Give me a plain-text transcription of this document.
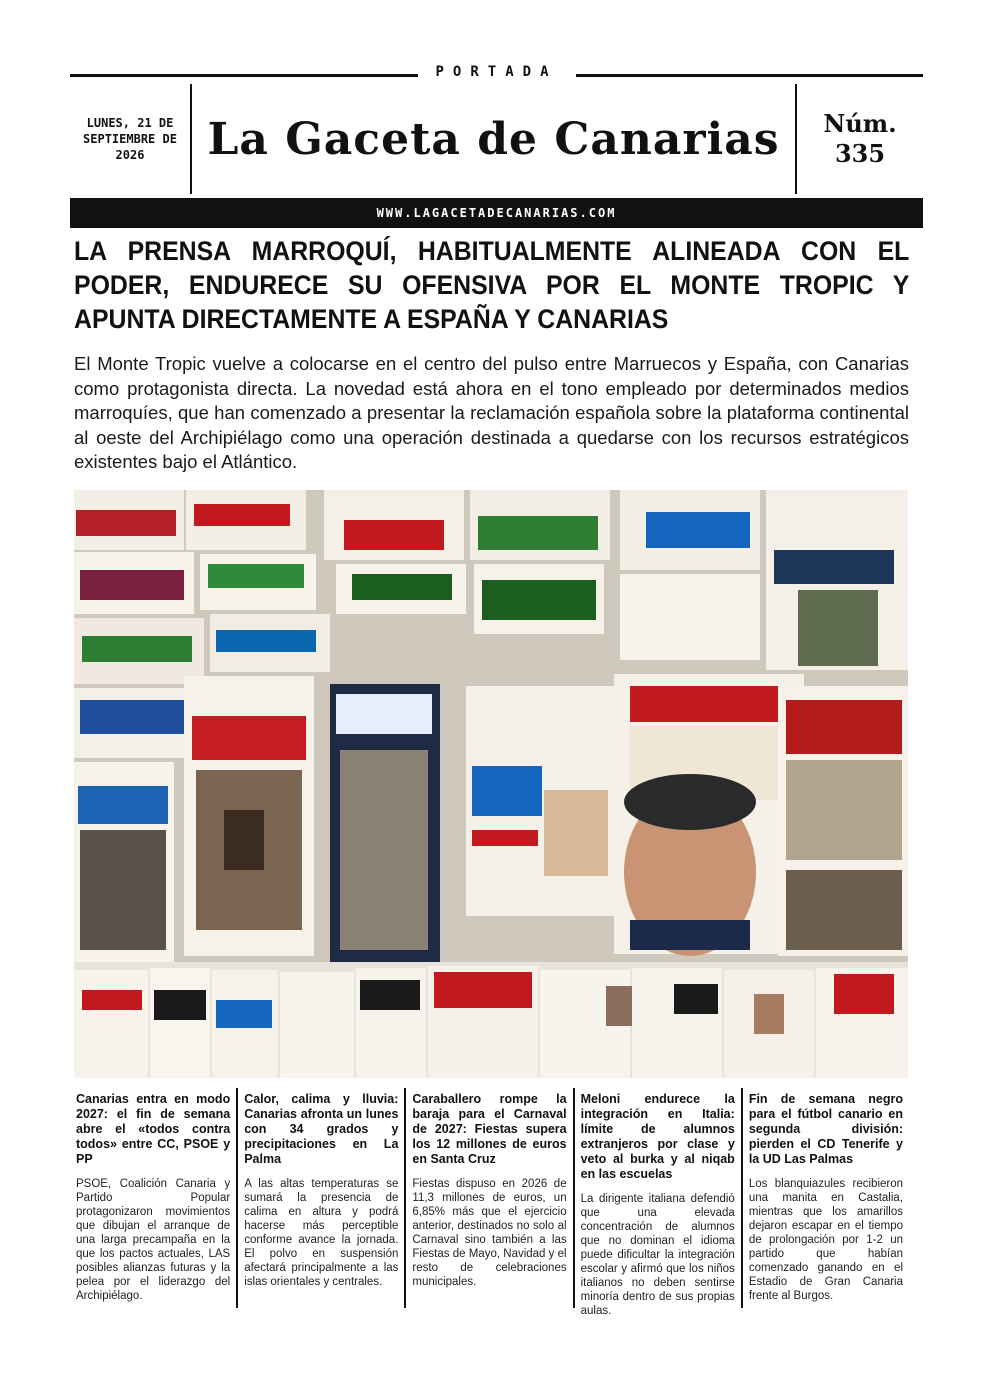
PORTADA
LUNES, 21 DE SEPTIEMBRE DE 2026	La Gaceta de Canarias Núm.
335
WWW.LAGACETADECANARIAS.COM
LA PRENSA MARROQUÍ, HABITUALMENTE ALINEADA CON EL PODER, ENDURECE SU OFENSIVA POR EL MONTE TROPIC Y APUNTA DIRECTAMENTE A ESPAÑA Y CANARIAS

El Monte Tropic vuelve a colocarse en el centro del pulso entre Marruecos y España, con Canarias como protagonista directa. La novedad está ahora en el tono empleado por determinados medios marroquíes, que han comenzado a presentar la reclamación española sobre la plataforma continental al oeste del Archipiélago como una operación destinada a quedarse con los recursos estratégicos existentes bajo el Atlántico.

Canarias entra en modo 2027: el fin de semana abre el «todos contra todos» entre CC, PSOE y PP

PSOE, Coalición Canaria y Partido Popular protagonizaron movimientos que dibujan el arranque de una larga precampaña en la que los pactos actuales, LAS posibles alianzas futuras y la pelea por el liderazgo del Archipiélago.

Calor, calima y lluvia: Canarias afronta un lunes con 34 grados y precipitaciones en La Palma

A las altas temperaturas se sumará la presencia de calima en altura y podrá hacerse más perceptible conforme avance la jornada. El polvo en suspensión afectará principalmente a las islas orientales y centrales.

Caraballero rompe la baraja para el Carnaval de 2027: Fiestas supera los 12 millones de euros en Santa Cruz

Fiestas dispuso en 2026 de 11,3 millones de euros, un 6,85% más que el ejercicio anterior, destinados no solo al Carnaval sino también a las Fiestas de Mayo, Navidad y el resto de celebraciones municipales.

Meloni endurece la integración en Italia: límite de alumnos extranjeros por clase y veto al burka y al niqab en las escuelas

La dirigente italiana defendió que una elevada concentración de alumnos que no dominan el idioma puede dificultar la integración escolar y afirmó que los niños italianos no deben sentirse minoría dentro de sus propias aulas.

Fin de semana negro para el fútbol canario en segunda división: pierden el CD Tenerife y la UD Las Palmas

Los blanquiazules recibieron una manita en Castalia, mientras que los amarillos dejaron escapar en el tiempo de prolongación por 1-2 un partido que habían comenzado ganando en el Estadio de Gran Canaria frente al Burgos.
